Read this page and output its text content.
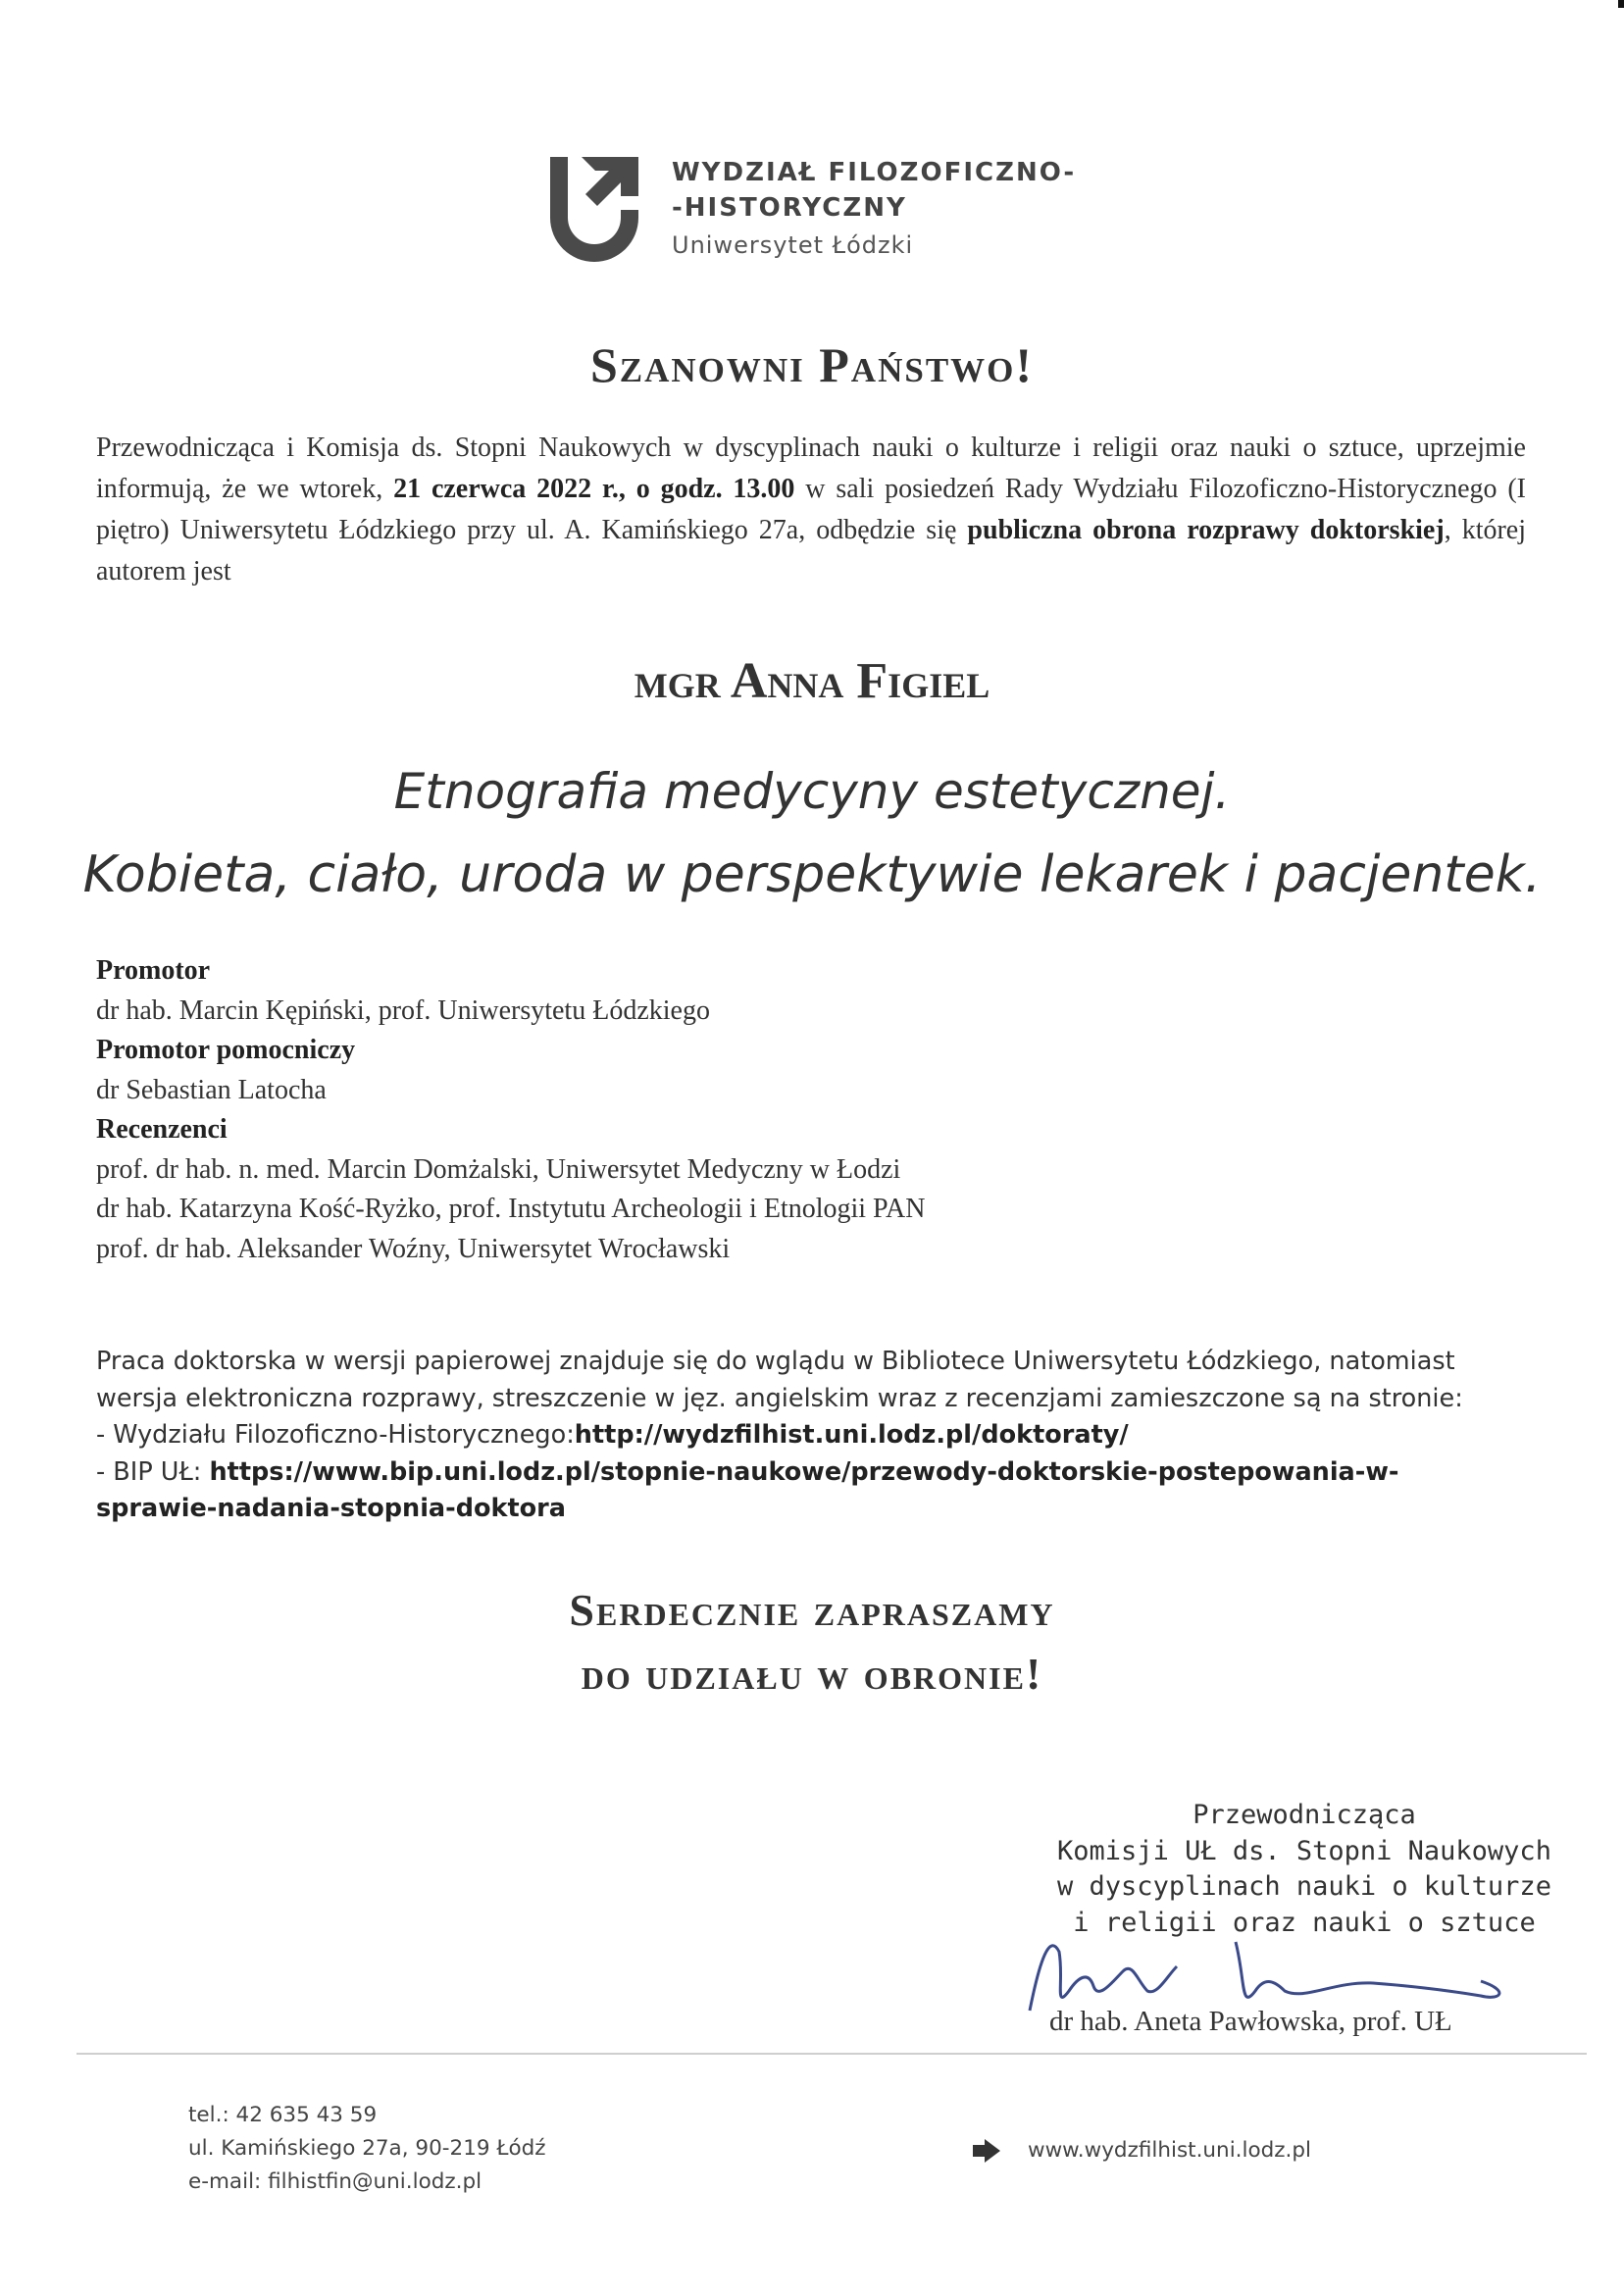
WYDZIAŁ FILOZOFICZNO-
-HISTORYCZNY
Uniwersytet Łódzki
Szanowni Państwo!
Przewodnicząca i Komisja ds. Stopni Naukowych w dyscyplinach nauki o kulturze i religii oraz nauki o sztuce, uprzejmie informują, że we wtorek, 21 czerwca 2022 r., o godz. 13.00 w sali posiedzeń Rady Wydziału Filozoficzno-Historycznego (I piętro) Uniwersytetu Łódzkiego przy ul. A. Kamińskiego 27a, odbędzie się publiczna obrona rozprawy doktorskiej, której autorem jest
mgr Anna Figiel
Etnografia medycyny estetycznej.
Kobieta, ciało, uroda w perspektywie lekarek i pacjentek.
Promotor
dr hab. Marcin Kępiński, prof. Uniwersytetu Łódzkiego
Promotor pomocniczy
dr Sebastian Latocha
Recenzenci
prof. dr hab. n. med. Marcin Domżalski, Uniwersytet Medyczny w Łodzi
dr hab. Katarzyna Kość-Ryżko, prof. Instytutu Archeologii i Etnologii PAN
prof. dr hab. Aleksander Woźny, Uniwersytet Wrocławski
Praca doktorska w wersji papierowej znajduje się do wglądu w Bibliotece Uniwersytetu Łódzkiego, natomiast
wersja elektroniczna rozprawy, streszczenie w jęz. angielskim wraz z recenzjami zamieszczone są na stronie:
- Wydziału Filozoficzno-Historycznego:http://wydzfilhist.uni.lodz.pl/doktoraty/
- BIP UŁ: https://www.bip.uni.lodz.pl/stopnie-naukowe/przewody-doktorskie-postepowania-w-
sprawie-nadania-stopnia-doktora
Serdecznie zapraszamy
do udziału w obronie!
Przewodnicząca
Komisji UŁ ds. Stopni Naukowych
w dyscyplinach nauki o kulturze
i religii oraz nauki o sztuce
dr hab. Aneta Pawłowska, prof. UŁ
tel.: 42 635 43 59
ul. Kamińskiego 27a, 90-219 Łódź
e-mail: filhistfin@uni.lodz.pl
www.wydzfilhist.uni.lodz.pl
